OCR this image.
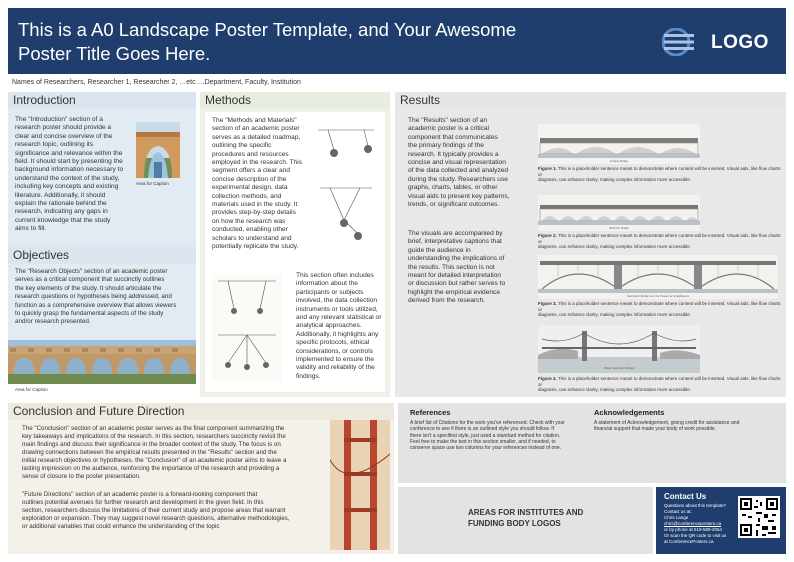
This is a A0 Landscape Poster Template, and Your Awesome
Poster Title Goes Here.
LOGO
Names of Researchers, Researcher 1, Researcher 2, …etc….Department, Faculty, Institution
Introduction
The "Introduction" section of a
research poster should provide a
clear and concise overview of the
research topic, outlining its
significance and relevance within the
field. It should start by presenting the
background information necessary to
understand the context of the study,
including key concepts and existing
literature. Additionally, it should
explain the rationale behind the
research, indicating any gaps in
current knowledge that the study
aims to fill.
Area for Caption
Objectives
The "Research Objects" section of an academic poster
serves as a critical component that succinctly outlines
the key elements of the study. It should articulate the
research questions or hypotheses being addressed, and
function as a comprehensive overview that allows viewers
to quickly grasp the fundamental aspects of the study
and/or research presented.
Area for Caption
Methods
The "Methods and Materials"
section of an academic poster
serves as a detailed roadmap,
outlining the specific
procedures and resources
employed in the research. This
segment offers a clear and
concise description of the
experimental design, data
collection methods, and
materials used in the study. It
provides step-by-step details
on how the research was
conducted, enabling other
scholars to understand and
potentially replicate the study.
This section often includes
information about the
participants or subjects
involved, the data collection
instruments or tools utilized,
and any relevant statistical or
analytical approaches.
Additionally, it highlights any
specific protocols, ethical
considerations, or controls
implemented to ensure the
validity and reliability of the
findings.
Results
The "Results" section of an
academic poster is a critical
component that communicates
the primary findings of the
research. It typically provides a
concise and visual representation
of the data collected and analyzed
during the study. Researchers use
graphs, charts, tables, or other
visual aids to present key patterns,
trends, or significant outcomes.
The visuals are accompanied by
brief, interpretative captions that
guide the audience in
understanding the implications of
the results. This section is not
meant for detailed interpretation
or discussion but rather serves to
highlight the empirical evidence
derived from the research.
London Bridge
Figure 1. This is a placeholder sentence meant to demonstrate where content will be inserted. Visual aids, like flow charts or
diagrams, can enhance clarity, making complex information more accessible.
Waterloo Bridge
Figure 2. This is a placeholder sentence meant to demonstrate where content will be inserted. Visual aids, like flow charts or
diagrams, can enhance clarity, making complex information more accessible.
Southwark Bridge over the Thames at Schaffhausen
Figure 3. This is a placeholder sentence meant to demonstrate where content will be inserted. Visual aids, like flow charts or
diagrams, can enhance clarity, making complex information more accessible.
Menai Suspension Bridge
Figure 4. This is a placeholder sentence meant to demonstrate where content will be inserted. Visual aids, like flow charts or
diagrams, can enhance clarity, making complex information more accessible.
Conclusion and Future Direction
The "Conclusion" section of an academic poster serves as the final component summarizing the
key takeaways and implications of the research. In this section, researchers succinctly revisit the
main findings and discuss their significance in the broader context of the study. The focus is on
drawing connections between the empirical results presented in the "Results" section and the
initial research objectives or hypotheses. the "Conclusion" of an academic poster aims to leave a
lasting impression on the audience, reinforcing the importance of the research and providing a
sense of closure to the poster presentation.
"Future Directions" section of an academic poster is a forward-looking component that
outlines potential avenues for further research and development in the given field. In this
section, researchers discuss the limitations of their current study and propose areas that warrant
exploration or expansion. They may suggest novel research questions, alternative methodologies,
or additional variables that could enhance the understanding of the topic
References
A brief list of Citations for the work you've referenced. Check with your
conference to see if there is an outlined style you should follow. If
there isn't a specified style, just used a standard method for citation.
Feel free to make the text in this section smaller, and if needed, to
conserve space use two columns for your references instead of one.
Acknowledgements
A statement of Acknowledgement, giving credit for assistance and
financial support that made your body of work possible.
AREAS FOR INSTITUTES AND
FUNDING BODY LOGOS
Contact Us
Questions about this template?
Contact us at:
Chris Lange
chris@conferenceposters.ca
or by phone at 519-589-2054
Or scan the QR code to visit us
at ConferencePosters.ca
